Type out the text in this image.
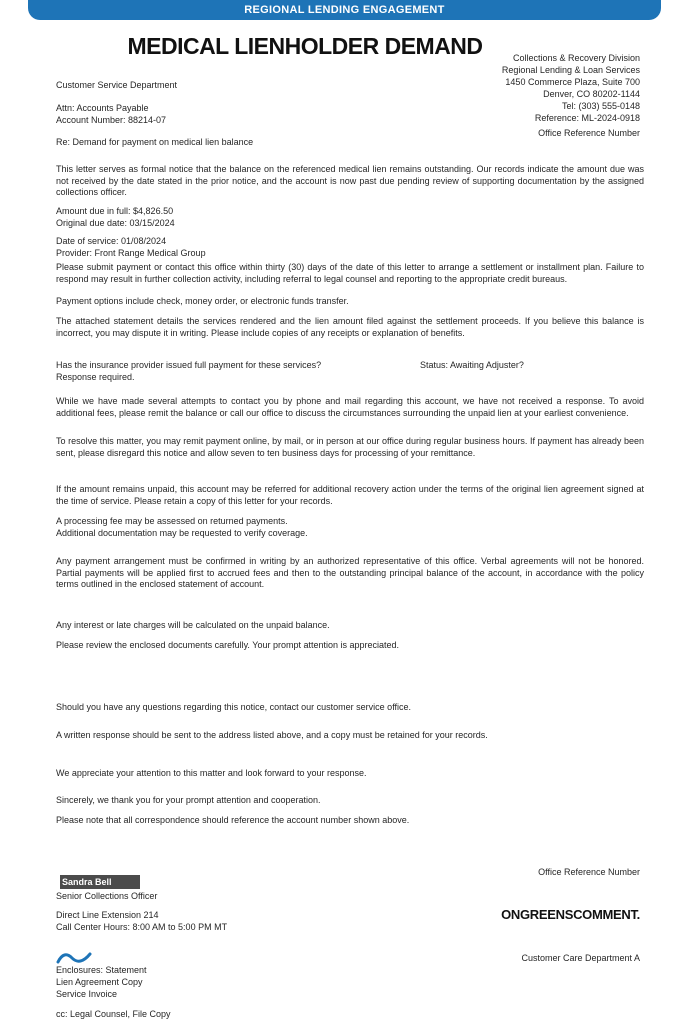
REGIONAL LENDING ENGAGEMENT
MEDICAL LIENHOLDER DEMAND	Collections & Recovery Division
Regional Lending & Loan Services
1450 Commerce Plaza, Suite 700
Denver, CO 80202-1144
Tel: (303) 555-0148
Reference: ML-2024-0918
Customer Service Department
Attn: Accounts Payable
Account Number: 88214-07
Re: Demand for payment on medical lien balance
Office Reference Number
This letter serves as formal notice that the balance on the referenced medical lien remains outstanding. Our records indicate the amount due was not received by the date stated in the prior notice, and the account is now past due pending review of supporting documentation by the assigned collections officer.
Amount due in full: $4,826.50
Original due date: 03/15/2024
Date of service: 01/08/2024
Provider: Front Range Medical Group
Please submit payment or contact this office within thirty (30) days of the date of this letter to arrange a settlement or installment plan. Failure to respond may result in further collection activity, including referral to legal counsel and reporting to the appropriate credit bureaus.
Payment options include check, money order, or electronic funds transfer.
The attached statement details the services rendered and the lien amount filed against the settlement proceeds. If you believe this balance is incorrect, you may dispute it in writing. Please include copies of any receipts or explanation of benefits.
Has the insurance provider issued full payment for these services?	Status: Awaiting Adjuster?
Response required.
While we have made several attempts to contact you by phone and mail regarding this account, we have not received a response. To avoid additional fees, please remit the balance or call our office to discuss the circumstances surrounding the unpaid lien at your earliest convenience.
To resolve this matter, you may remit payment online, by mail, or in person at our office during regular business hours. If payment has already been sent, please disregard this notice and allow seven to ten business days for processing of your remittance.
If the amount remains unpaid, this account may be referred for additional recovery action under the terms of the original lien agreement signed at the time of service. Please retain a copy of this letter for your records.
A processing fee may be assessed on returned payments.
Additional documentation may be requested to verify coverage.
Any payment arrangement must be confirmed in writing by an authorized representative of this office. Verbal agreements will not be honored. Partial payments will be applied first to accrued fees and then to the outstanding principal balance of the account, in accordance with the policy terms outlined in the enclosed statement of account.
Any interest or late charges will be calculated on the unpaid balance.
Please review the enclosed documents carefully. Your prompt attention is appreciated.
Should you have any questions regarding this notice, contact our customer service office.
A written response should be sent to the address listed above, and a copy must be retained for your records.
We appreciate your attention to this matter and look forward to your response.
Sincerely, we thank you for your prompt attention and cooperation.
Please note that all correspondence should reference the account number shown above.
Sandra Bell
Senior Collections Officer
Office Reference Number
ONGREENSCOMMENT.
Direct Line Extension 214
Call Center Hours: 8:00 AM to 5:00 PM MT
Customer Care Department A
Enclosures: Statement
Lien Agreement Copy
Service Invoice
cc: Legal Counsel, File Copy
